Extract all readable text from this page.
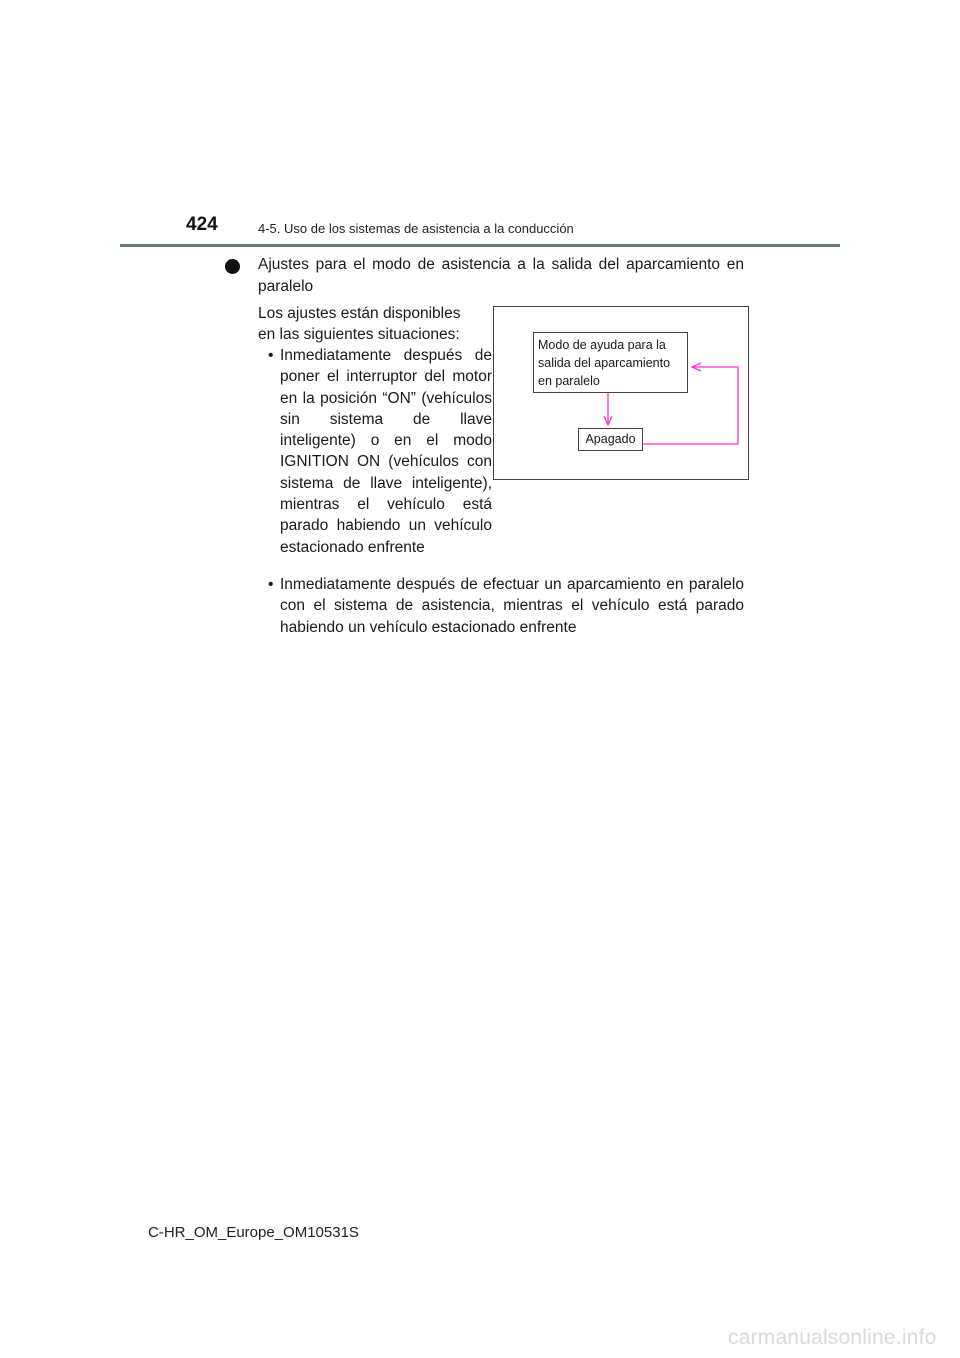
424	4-5. Uso de los sistemas de asistencia a la conducción
Ajustes para el modo de asistencia a la salida del aparcamiento en paralelo
Los ajustes están disponibles
en las siguientes situaciones:
• Inmediatamente después de poner el interruptor del motor en la posición “ON” (vehículos sin sistema de llave inteligente) o en el modo IGNITION ON (vehículos con sistema de llave inteligente), mientras el vehículo está parado habiendo un vehículo estacionado enfrente
• Inmediatamente después de efectuar un aparcamiento en paralelo con el sistema de asistencia, mientras el vehículo está parado habiendo un vehículo estacionado enfrente
Modo de ayuda para la
salida del aparcamiento
en paralelo
Apagado
C-HR_OM_Europe_OM10531S
carmanualsonline.info
